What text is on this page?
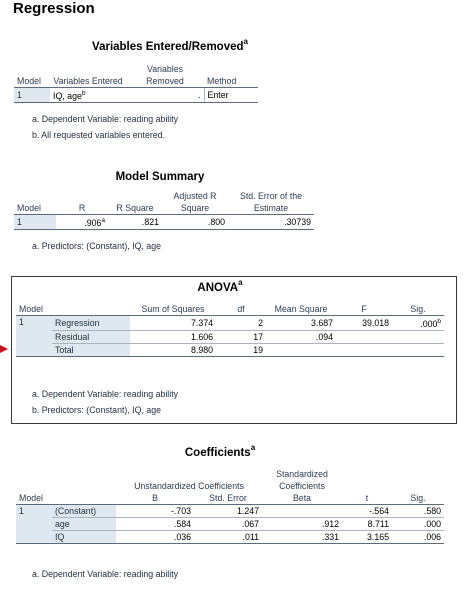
Regression
Variables Entered/Removed$^a$
Model	Variables Entered	Variables Removed	Method
1	IQ, age$^b$	.	Enter
a. Dependent Variable: reading ability
b. All requested variables entered.
Model Summary
Model	R	R Square	Adjusted R Square	Std. Error of the Estimate
1	.906$^a$	.821	.800	.30739
a. Predictors: (Constant), IQ, age
ANOVA$^a$
Model		Sum of Squares	df	Mean Square	F	Sig.
1	Regression	7.374	2	3.687	39.018	.000$^b$
	Residual	1.606	17	.094		
	Total	8.980	19			
a. Dependent Variable: reading ability
b. Predictors: (Constant), IQ, age
Coefficients$^a$
		Unstandardized Coefficients		Standardized Coefficients		
Model		B	Std. Error	Beta	t	Sig.
1	(Constant)	-.703	1.247		-.564	.580
	age	.584	.067	.912	8.711	.000
	IQ	.036	.011	.331	3.165	.006
a. Dependent Variable: reading ability
